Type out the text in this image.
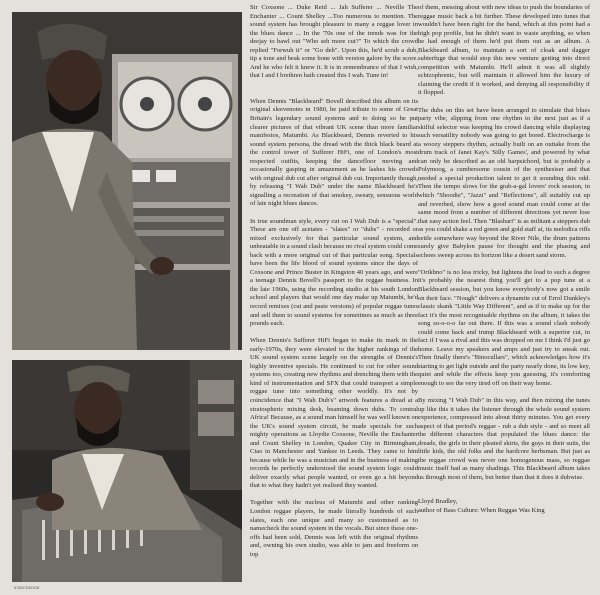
Sir Coxsone ... Duke Reid ... Jah Sufferer ... Neville The Enchanter ... Count Shelley ...Too numerous to mention. The sound system has brought pleasure to many a reggae lover in the blues dance ... In the '70s one of the trends was for the deejay to bawl out "Who seh more cut?" To which the crowd replied "Forwuh it" or "Go deh". Upon this, he'd scrub a dub, tip a tone and beak some bone with version galore by the score. And he who felt it knew it. It is in remembrance of that I wish, that I and I brethren hath created this I wah. Tune in!

When Dennis "Blackbeard" Bovell described this album on its original sleevenotes in 1980, he paid tribute to some of Great Britain's legendary sound systems and to doing so he put clearer pictures of that vibrant UK scene than more familiar manifestos, Matumbi. As Blackbeard, Dennis reverted to his sound system persona, the dread with the thick black beard at the control tower of Sufferer HiFi, one of London's most respected outfits, keeping the dancefloor moving and occasionally gasping in amazement as he lashes his crowds with original dub cut after original dub cut. Importantly though, by releasing "I Wah Dub" under the name Blackbeard he's signalling a recreation of that smokey, sweaty, sensuous world of late night blues dances.

In true soundman style, every cut on I Wah Dub is a "special". These are one off acetates - "slates" or "dubs" - recorded or mixed exclusively for that particular sound system, and unbeatable in a sound clash because no rival system could come back with a more original cut of that particular song. Specials have been the life blood of sound systems since the days of Coxsone and Prince Buster in Kingston 40 years ago, and were a teenage Dennis Bovell's passport to the reggae business. In the late 1960s, using the recording studio at his south London school and players that would one day make up Matumbi, he'd record remixes (cut and paste versions) of popular reggae tunes and sell them to sound systems for sometimes as much as three pounds each.

When Dennis's Sufferer HiFi began to make its mark in the early-1970s, they were elevated to the higher rankings of the UK sound system scene largely on the strengths of Dennis's highly inventive specials. He continued to cut for other sound systems too, creating new rhythms and drenching them with the kind of instrumentation and SFX that could transport a simple reggae tune into something other worldly. It's not by coincidence that "I Wah Dub's" artwork features a dread at a stratospheric mixing desk, beaming down dubs. To central Africa! Because, as a sound man himself he was well known on the UK's sound system circuit, he made specials for such mighty operations as Lloydie Coxsone, Neville the Enchanter and Count Shelley in London, Quaker City in Birmingham, Ciao in Manchester and Yankee in Leeds. They came to him because while he was a musician and in the business of making records he perfectly understood the sound system logic could deliver exactly what people wanted, or even go a bit beyond that to what they hadn't yet realised they wanted.

Together with the nucleus of Matumbi and other ranking London reggae players, he made literally hundreds of such slates, each one unique and many so customised as to namecheck the sound system in the vocals. But since these one-offs had been sold, Dennis was left with the original rhythms and, owning his own studio, was able to jam and freeform on top

of them, messing about with new ideas to push the boundaries of reggae music back a bit further. These developed into tunes that wouldn't have been right for the band, which at this point had a high pop profile, but he didn't want to waste anything, so when he had enough of them he'd put them out as an album. A Blackbeard album, to maintain a sort of cloak and dagger subterfuge that would stop this new venture getting into direct competition with Matumbi. He'll admit it was all slightly schizophrenic, but will maintain it allowed him the luxury of claiming the credit if it worked, and denying all responsibility if it flopped.

The dubs on this set have been arranged to simulate that blues party vibe, slipping from one rhythm to the next just as if a skilful selector was keeping his crowd dancing while displaying such versatility nobody was going to get bored. Electrocharge is a woozy steppers rhythm, actually built on an outtake from the drum track of Janet Kay's 'Silly Games', and powered by what can only be described as an old harpsichord, but is probably a Polymoog, a cumbersome cousin of the synthesiser and that needed a special production talent to get it sounding this odd. Then the tempo slows for the grab-a-gal lovers' rock session, in which "Shoodie", "Jazzi" and "Reflections", all suitably cut up and reverbed, show how a good sound man could come at the same mood from a number of different directions yet never lose that easy action feel. Then "Blasbari" is as militant a steppers dub as you could shake a red green and gold staff at, its melodica riffs settle somewhere way beyond the River Nile, the drum patterns surely give Babylon pause for thought and the phasing and echoes sweep across its horizon like a desert sand storm.

"Orikbno" is no less tricky, but lightens the load to such a degree it's probably the nearest thing you'll get to a pop tune at a Blackbeard session, but you know everybody's now got a smile on their face. "Nough" delivers a dynamite cut of Errol Dunkley's classic skank "Little Way Different", and as if to make up for the fact it's the most recognisable rhythms on the album, it takes the song so-o-o-o far out there. If this was a sound clash nobody could come back and trump Blackbeard with a superior cut, in fact if I was a rival and this was dropped on me I think I'd just go home. Leave my speakers and amps and just try to sneak out. Then finally there's "Binocullars", which acknowledges how it's starting to get light outside and the party nearly done, its low key, quiet and while the effects keep you guessing, it's comforting enough to see the very tired off on their way home.

By mixing "I Wah Dub" in this way, and then mixing the tunes up like this it takes the listener through the whole sound system experience, compressed into about thirty minutes. You get every aspect of that period's reggae - rub a dub style - and so meet all the different characters that populated the blues dance: the dreads, the girls in their pleated skirts, the guys in their suits, the little kids, the old folks and the hardcore herbsman. But just as the reggae crowd was never one homogenous mass, so reggae music itself had as many shadings. This Blackbeard album takes us through most of them, but better than that it does it dubwise.

Lloyd Bradley,
author of Bass Culture: When Reggae Was King
5760CD5OO8
